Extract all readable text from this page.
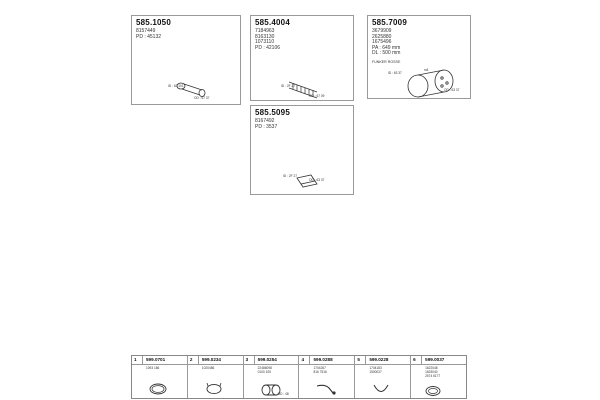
585.1050
8157449
PD : 45132
ID : 63 101
OD : 67 37
585.4004
7184963
8163130
1073110
PD : 42106
ID : 2F 27
OD : 67 09
585.7009
3679909
2625880
1675496
PA : 649 mm
DL : 500 mm
FUNKER ROSSE
ID : 63 37
OD : 63 37
m4
585.5095
8167492
PD : 3537
ID : 2F 27
OD : 63 37
1 599.0701
1093 186
2 599.0234
1020486
3 599.0254
22486098
0100 105
OD : 48
4 599.0288
1704267
816 7516
5 599.0228
1704183
1500037
6 599.0037
1622048
1625040
2574 6177
